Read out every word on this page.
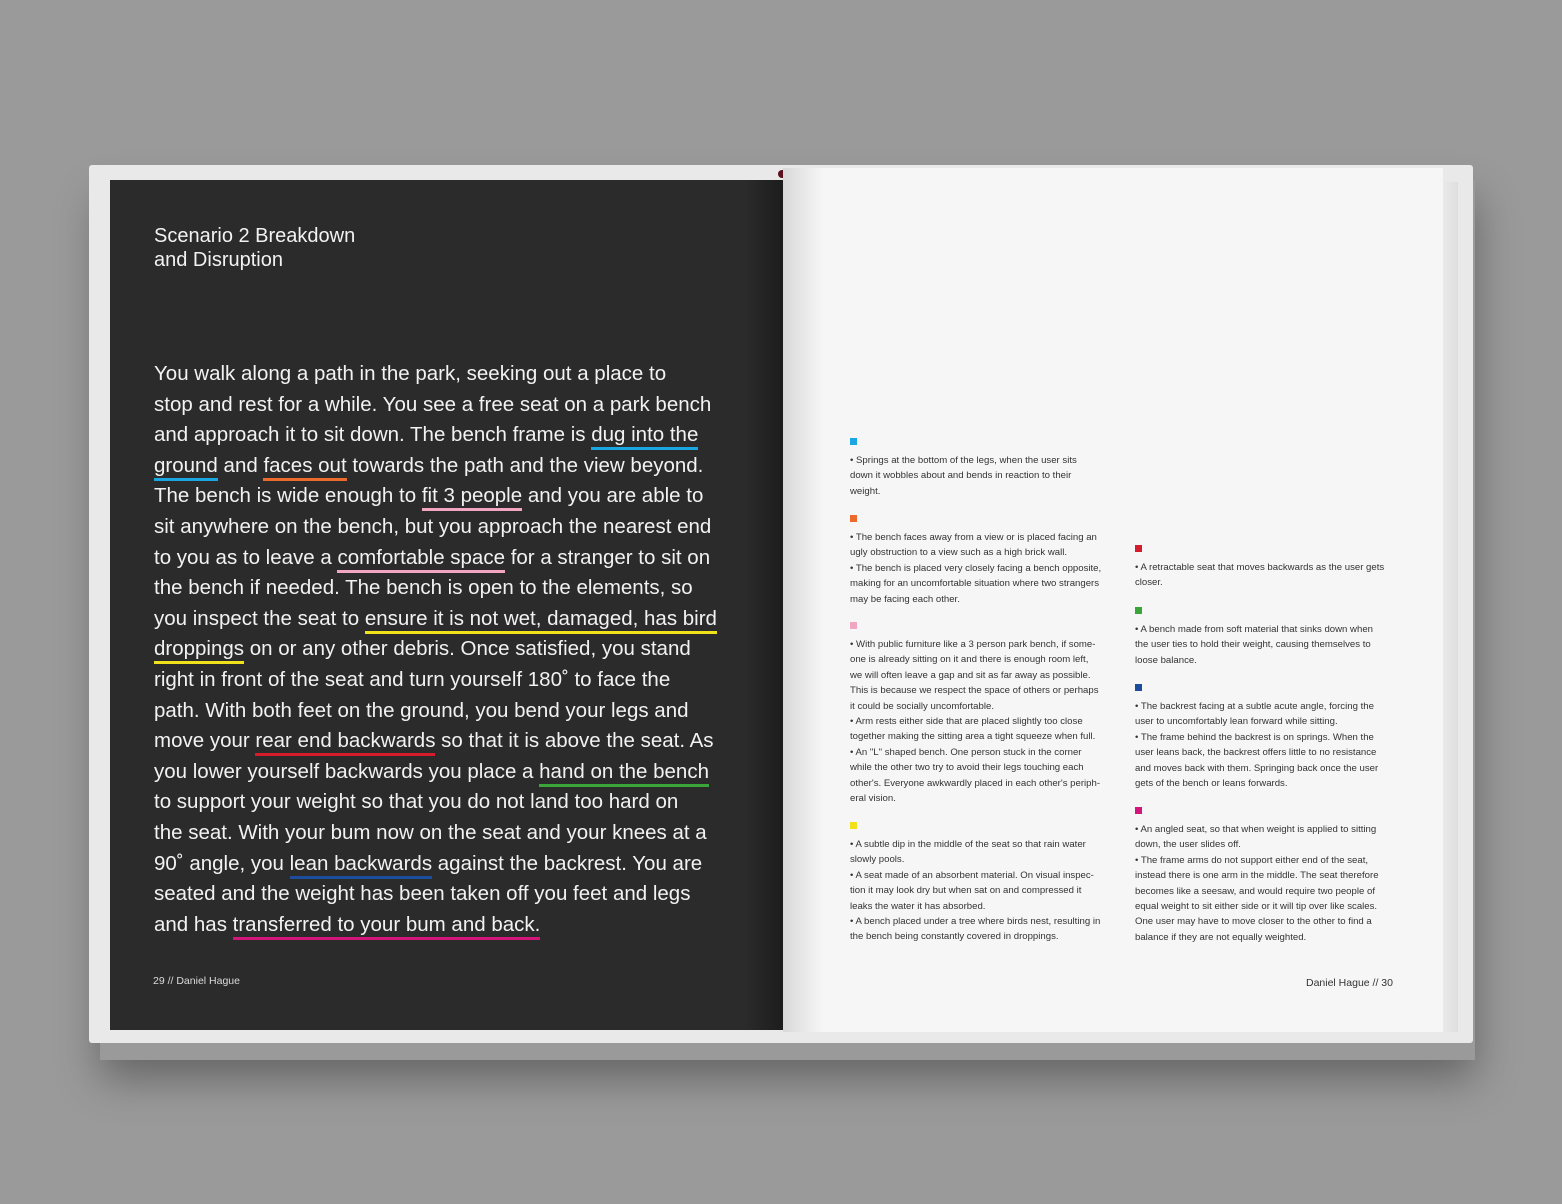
Scenario 2 Breakdown
and Disruption
You walk along a path in the park, seeking out a place to
stop and rest for a while. You see a free seat on a park bench
and approach it to sit down. The bench frame is dug into the
ground and faces out towards the path and the view beyond.
The bench is wide enough to fit 3 people and you are able to
sit anywhere on the bench, but you approach the nearest end
to you as to leave a comfortable space for a stranger to sit on
the bench if needed. The bench is open to the elements, so
you inspect the seat to ensure it is not wet, damaged, has bird
droppings on or any other debris. Once satisfied, you stand
right in front of the seat and turn yourself 180˚ to face the
path. With both feet on the ground, you bend your legs and
move your rear end backwards so that it is above the seat. As
you lower yourself backwards you place a hand on the bench
to support your weight so that you do not land too hard on
the seat. With your bum now on the seat and your knees at a
90˚ angle, you lean backwards against the backrest. You are
seated and the weight has been taken off you feet and legs
and has transferred to your bum and back.
29 // Daniel Hague	Daniel Hague // 30
• Springs at the bottom of the legs, when the user sits
down it wobbles about and bends in reaction to their
weight.
• The bench faces away from a view or is placed facing an
ugly obstruction to a view such as a high brick wall.
• The bench is placed very closely facing a bench opposite,
making for an uncomfortable situation where two strangers
may be facing each other.
• With public furniture like a 3 person park bench, if some-
one is already sitting on it and there is enough room left,
we will often leave a gap and sit as far away as possible.
This is because we respect the space of others or perhaps
it could be socially uncomfortable.
• Arm rests either side that are placed slightly too close
together making the sitting area a tight squeeze when full.
• An "L" shaped bench. One person stuck in the corner
while the other two try to avoid their legs touching each
other's. Everyone awkwardly placed in each other's periph-
eral vision.
• A subtle dip in the middle of the seat so that rain water
slowly pools.
• A seat made of an absorbent material. On visual inspec-
tion it may look dry but when sat on and compressed it
leaks the water it has absorbed.
• A bench placed under a tree where birds nest, resulting in
the bench being constantly covered in droppings.
• A retractable seat that moves backwards as the user gets
closer.
• A bench made from soft material that sinks down when
the user ties to hold their weight, causing themselves to
loose balance.
• The backrest facing at a subtle acute angle, forcing the
user to uncomfortably lean forward while sitting.
• The frame behind the backrest is on springs. When the
user leans back, the backrest offers little to no resistance
and moves back with them. Springing back once the user
gets of the bench or leans forwards.
• An angled seat, so that when weight is applied to sitting
down, the user slides off.
• The frame arms do not support either end of the seat,
instead there is one arm in the middle. The seat therefore
becomes like a seesaw, and would require two people of
equal weight to sit either side or it will tip over like scales.
One user may have to move closer to the other to find a
balance if they are not equally weighted.
